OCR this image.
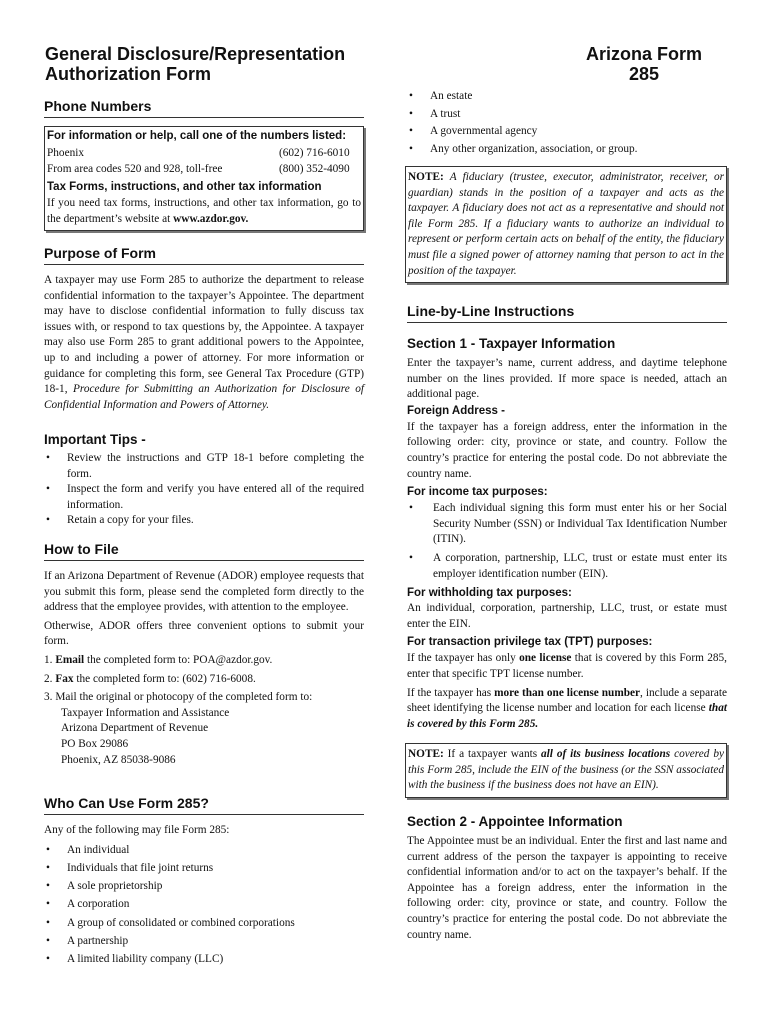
General Disclosure/Representation
Authorization Form
Arizona Form
285
Phone Numbers
For information or help, call one of the numbers listed:
Phoenix	(602) 716-6010
From area codes 520 and 928, toll-free	(800) 352-4090
Tax Forms, instructions, and other tax information
If you need tax forms, instructions, and other tax information, go to the department’s website at www.azdor.gov.
Purpose of Form
A taxpayer may use Form 285 to authorize the department to release confidential information to the taxpayer’s Appointee. The department may have to disclose confidential information to fully discuss tax issues with, or respond to tax questions by, the Appointee. A taxpayer may also use Form 285 to grant additional powers to the Appointee, up to and including a power of attorney. For more information or guidance for completing this form, see General Tax Procedure (GTP) 18-1, Procedure for Submitting an Authorization for Disclosure of Confidential Information and Powers of Attorney.
Important Tips -
• Review the instructions and GTP 18-1 before completing the form.
• Inspect the form and verify you have entered all of the required information.
• Retain a copy for your files.
How to File
If an Arizona Department of Revenue (ADOR) employee requests that you submit this form, please send the completed form directly to the address that the employee provides, with attention to the employee.
Otherwise, ADOR offers three convenient options to submit your form.
1. Email the completed form to: POA@azdor.gov.
2. Fax the completed form to: (602) 716-6008.
3. Mail the original or photocopy of the completed form to:
Taxpayer Information and Assistance
Arizona Department of Revenue
PO Box 29086
Phoenix, AZ 85038-9086
Who Can Use Form 285?
Any of the following may file Form 285:
• An individual
• Individuals that file joint returns
• A sole proprietorship
• A corporation
• A group of consolidated or combined corporations
• A partnership
• A limited liability company (LLC)
• An estate
• A trust
• A governmental agency
• Any other organization, association, or group.
NOTE: A fiduciary (trustee, executor, administrator, receiver, or guardian) stands in the position of a taxpayer and acts as the taxpayer. A fiduciary does not act as a representative and should not file Form 285. If a fiduciary wants to authorize an individual to represent or perform certain acts on behalf of the entity, the fiduciary must file a signed power of attorney naming that person to act in the position of the taxpayer.
Line-by-Line Instructions
Section 1 - Taxpayer Information
Enter the taxpayer’s name, current address, and daytime telephone number on the lines provided. If more space is needed, attach an additional page.
Foreign Address -
If the taxpayer has a foreign address, enter the information in the following order: city, province or state, and country. Follow the country’s practice for entering the postal code. Do not abbreviate the country name.
For income tax purposes:
• Each individual signing this form must enter his or her Social Security Number (SSN) or Individual Tax Identification Number (ITIN).
• A corporation, partnership, LLC, trust or estate must enter its employer identification number (EIN).
For withholding tax purposes:
An individual, corporation, partnership, LLC, trust, or estate must enter the EIN.
For transaction privilege tax (TPT) purposes:
If the taxpayer has only one license that is covered by this Form 285, enter that specific TPT license number.
If the taxpayer has more than one license number, include a separate sheet identifying the license number and location for each license that is covered by this Form 285.
NOTE: If a taxpayer wants all of its business locations covered by this Form 285, include the EIN of the business (or the SSN associated with the business if the business does not have an EIN).
Section 2 - Appointee Information
The Appointee must be an individual. Enter the first and last name and current address of the person the taxpayer is appointing to receive confidential information and/or to act on the taxpayer’s behalf. If the Appointee has a foreign address, enter the information in the following order: city, province or state, and country. Follow the country’s practice for entering the postal code. Do not abbreviate the country name.
